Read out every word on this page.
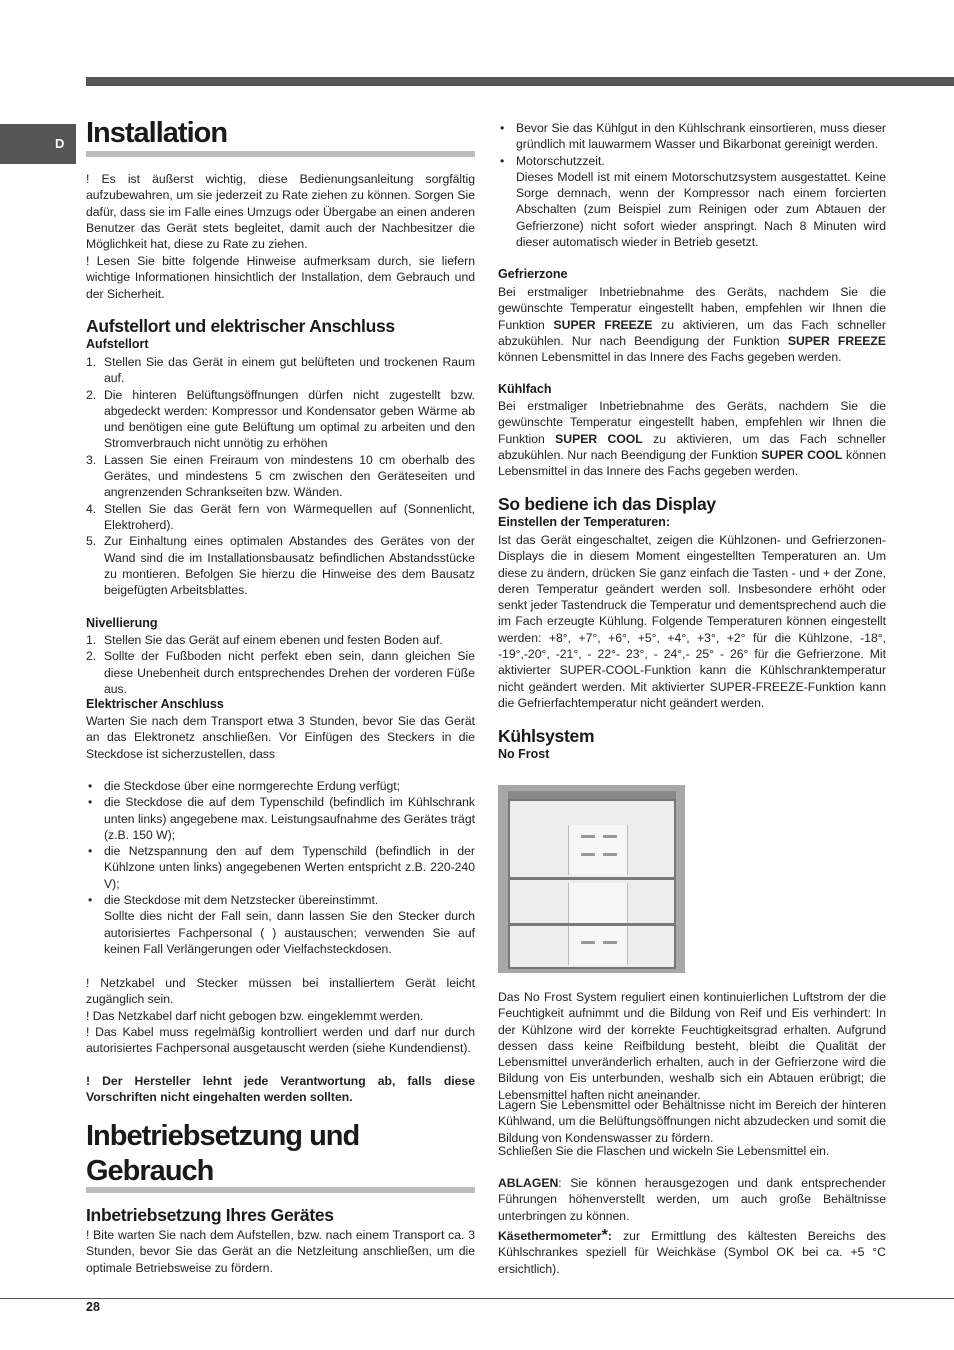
D Installation

! Es ist äußerst wichtig, diese Bedienungsanleitung sorgfältig aufzubewahren, um sie jederzeit zu Rate ziehen zu können. Sorgen Sie dafür, dass sie im Falle eines Umzugs oder Übergabe an einen anderen Benutzer das Gerät stets begleitet, damit auch der Nachbesitzer die Möglichkeit hat, diese zu Rate zu ziehen.

! Lesen Sie bitte folgende Hinweise aufmerksam durch, sie liefern wichtige Informationen hinsichtlich der Installation, dem Gebrauch und der Sicherheit.

Aufstellort und elektrischer Anschluss
Aufstellort
1. Stellen Sie das Gerät in einem gut belüfteten und trockenen Raum auf.
2. Die hinteren Belüftungsöffnungen dürfen nicht zugestellt bzw. abgedeckt werden: Kompressor und Kondensator geben Wärme ab und benötigen eine gute Belüftung um optimal zu arbeiten und den Stromverbrauch nicht unnötig zu erhöhen
3. Lassen Sie einen Freiraum von mindestens 10 cm oberhalb des Gerätes, und mindestens 5 cm zwischen den Geräteseiten und angrenzenden Schrankseiten bzw. Wänden.
4. Stellen Sie das Gerät fern von Wärmequellen auf (Sonnenlicht, Elektroherd).
5. Zur Einhaltung eines optimalen Abstandes des Gerätes von der Wand sind die im Installationsbausatz befindlichen Abstandsstücke zu montieren. Befolgen Sie hierzu die Hinweise des dem Bausatz beigefügten Arbeitsblattes.
Nivellierung
1. Stellen Sie das Gerät auf einem ebenen und festen Boden auf.
2. Sollte der Fußboden nicht perfekt eben sein, dann gleichen Sie diese Unebenheit durch entsprechendes Drehen der vorderen Füße aus.
Elektrischer Anschluss

Warten Sie nach dem Transport etwa 3 Stunden, bevor Sie das Gerät an das Elektronetz anschließen. Vor Einfügen des Steckers in die Steckdose ist sicherzustellen, dass

• die Steckdose über eine normgerechte Erdung verfügt;
• die Steckdose die auf dem Typenschild (befindlich im Kühlschrank unten links) angegebene max. Leistungsaufnahme des Gerätes trägt (z.B. 150 W);
• die Netzspannung den auf dem Typenschild (befindlich in der Kühlzone unten links) angegebenen Werten entspricht z.B. 220-240 V);
• die Steckdose mit dem Netzstecker übereinstimmt.
Sollte dies nicht der Fall sein, dann lassen Sie den Stecker durch autorisiertes Fachpersonal ( ) austauschen; verwenden Sie auf keinen Fall Verlängerungen oder Vielfachsteckdosen.

! Netzkabel und Stecker müssen bei installiertem Gerät leicht zugänglich sein.

! Das Netzkabel darf nicht gebogen bzw. eingeklemmt werden.

! Das Kabel muss regelmäßig kontrolliert werden und darf nur durch autorisiertes Fachpersonal ausgetauscht werden (siehe Kundendienst).

! Der Hersteller lehnt jede Verantwortung ab, falls diese Vorschriften nicht eingehalten werden sollten.

Inbetriebsetzung und
Gebrauch
Inbetriebsetzung Ihres Gerätes

! Bite warten Sie nach dem Aufstellen, bzw. nach einem Transport ca. 3 Stunden, bevor Sie das Gerät an die Netzleitung anschließen, um die optimale Betriebsweise zu fördern.

• Bevor Sie das Kühlgut in den Kühlschrank einsortieren, muss dieser gründlich mit lauwarmem Wasser und Bikarbonat gereinigt werden.
• Motorschutzzeit.
Dieses Modell ist mit einem Motorschutzsystem ausgestattet. Keine Sorge demnach, wenn der Kompressor nach einem forcierten Abschalten (zum Beispiel zum Reinigen oder zum Abtauen der Gefrierzone) nicht sofort wieder anspringt. Nach 8 Minuten wird dieser automatisch wieder in Betrieb gesetzt.
Gefrierzone

Bei erstmaliger Inbetriebnahme des Geräts, nachdem Sie die gewünschte Temperatur eingestellt haben, empfehlen wir Ihnen die Funktion SUPER FREEZE zu aktivieren, um das Fach schneller abzukühlen. Nur nach Beendigung der Funktion SUPER FREEZE können Lebensmittel in das Innere des Fachs gegeben werden.

Kühlfach

Bei erstmaliger Inbetriebnahme des Geräts, nachdem Sie die gewünschte Temperatur eingestellt haben, empfehlen wir Ihnen die Funktion SUPER COOL zu aktivieren, um das Fach schneller abzukühlen. Nur nach Beendigung der Funktion SUPER COOL können Lebensmittel in das Innere des Fachs gegeben werden.

So bediene ich das Display
Einstellen der Temperaturen:

Ist das Gerät eingeschaltet, zeigen die Kühlzonen- und Gefrierzonen-Displays die in diesem Moment eingestellten Temperaturen an. Um diese zu ändern, drücken Sie ganz einfach die Tasten - und + der Zone, deren Temperatur geändert werden soll. Insbesondere erhöht oder senkt jeder Tastendruck die Temperatur und dementsprechend auch die im Fach erzeugte Kühlung. Folgende Temperaturen können eingestellt werden: +8°, +7°, +6°, +5°, +4°, +3°, +2° für die Kühlzone, -18°, -19°,-20°, -21°, - 22°- 23°, - 24°,- 25° - 26° für die Gefrierzone. Mit aktivierter SUPER-COOL-Funktion kann die Kühlschranktemperatur nicht geändert werden. Mit aktivierter SUPER-FREEZE-Funktion kann die Gefrierfachtemperatur nicht geändert werden.

Kühlsystem
No Frost

Das No Frost System reguliert einen kontinuierlichen Luftstrom der die Feuchtigkeit aufnimmt und die Bildung von Reif und Eis verhindert: In der Kühlzone wird der korrekte Feuchtigkeitsgrad erhalten. Aufgrund dessen dass keine Reifbildung besteht, bleibt die Qualität der Lebensmittel unveränderlich erhalten, auch in der Gefrierzone wird die Bildung von Eis unterbunden, weshalb sich ein Abtauen erübrigt; die Lebensmittel haften nicht aneinander.

Lagern Sie Lebensmittel oder Behältnisse nicht im Bereich der hinteren Kühlwand, um die Belüftungsöffnungen nicht abzudecken und somit die Bildung von Kondenswasser zu fördern.

Schließen Sie die Flaschen und wickeln Sie Lebensmittel ein.

ABLAGEN: Sie können herausgezogen und dank entsprechender Führungen höhenverstellt werden, um auch große Behältnisse unterbringen zu können.

Käsethermometer*: zur Ermittlung des kältesten Bereichs des Kühlschrankes speziell für Weichkäse (Symbol OK bei ca. +5 °C ersichtlich).

28
